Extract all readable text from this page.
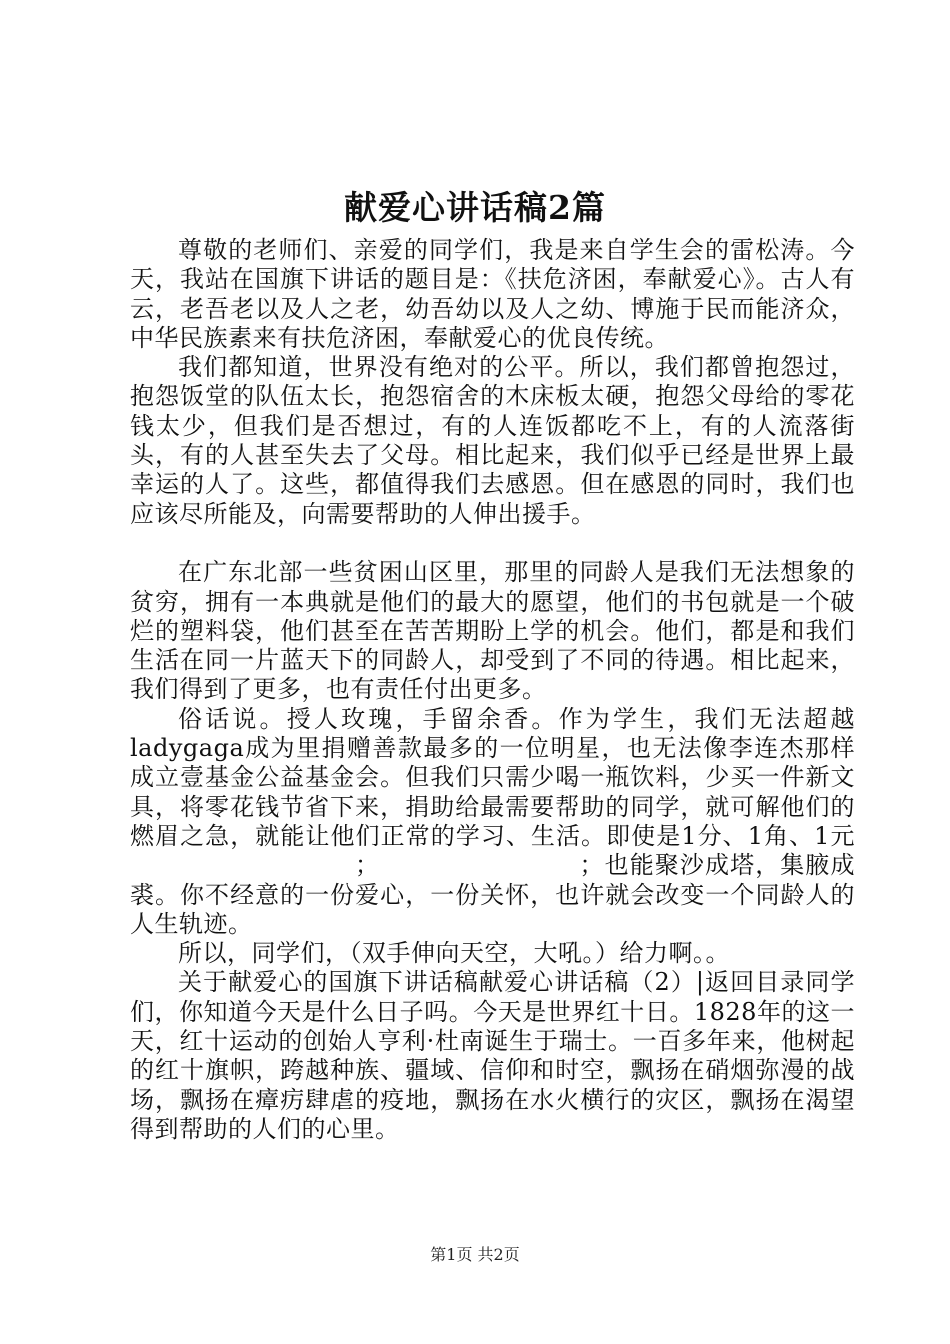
献爱心讲话稿2篇

尊敬的老师们、亲爱的同学们，我是来自学生会的雷松涛。今天，我站在国旗下讲话的题目是：《扶危济困，奉献爱心》。古人有云，老吾老以及人之老，幼吾幼以及人之幼、博施于民而能济众，中华民族素来有扶危济困，奉献爱心的优良传统。

我们都知道，世界没有绝对的公平。所以，我们都曾抱怨过，抱怨饭堂的队伍太长，抱怨宿舍的木床板太硬，抱怨父母给的零花钱太少，但我们是否想过，有的人连饭都吃不上，有的人流落街头，有的人甚至失去了父母。相比起来，我们似乎已经是世界上最幸运的人了。这些，都值得我们去感恩。但在感恩的同时，我们也应该尽所能及，向需要帮助的人伸出援手。

在广东北部一些贫困山区里，那里的同龄人是我们无法想象的贫穷，拥有一本典就是他们的最大的愿望，他们的书包就是一个破烂的塑料袋，他们甚至在苦苦期盼上学的机会。他们，都是和我们生活在同一片蓝天下的同龄人，却受到了不同的待遇。相比起来，我们得到了更多，也有责任付出更多。

俗话说。授人玫瑰，手留余香。作为学生，我们无法超越ladygaga成为里捐赠善款最多的一位明星，也无法像李连杰那样成立壹基金公益基金会。但我们只需少喝一瓶饮料，少买一件新文具，将零花钱节省下来，捐助给最需要帮助的同学，就可解他们的燃眉之急，就能让他们正常的学习、生活。即使是1分、1角、1元；	；也能聚沙成塔，集腋成裘。你不经意的一份爱心，一份关怀，也许就会改变一个同龄人的人生轨迹。

所以，同学们，（双手伸向天空，大吼。）给力啊。。

关于献爱心的国旗下讲话稿献爱心讲话稿（2）|返回目录同学们，你知道今天是什么日子吗。今天是世界红十日。1828年的这一天，红十运动的创始人亨利·杜南诞生于瑞士。一百多年来，他树起的红十旗帜，跨越种族、疆域、信仰和时空，飘扬在硝烟弥漫的战场，飘扬在瘴疠肆虐的疫地，飘扬在水火横行的灾区，飘扬在渴望得到帮助的人们的心里。

第1页 共2页
